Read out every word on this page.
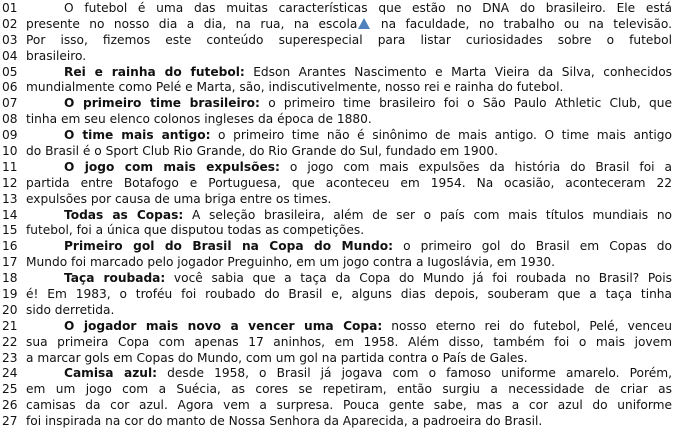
01	O futebol é uma das muitas características que estão no DNA do brasileiro. Ele está
02 presente no nosso dia a dia, na rua, na escola na faculdade, no trabalho ou na televisão.
03 Por isso, fizemos este conteúdo superespecial para listar curiosidades sobre o futebol
04 brasileiro.
05	Rei e rainha do futebol: Edson Arantes Nascimento e Marta Vieira da Silva, conhecidos
06 mundialmente como Pelé e Marta, são, indiscutivelmente, nosso rei e rainha do futebol.
07	O primeiro time brasileiro: o primeiro time brasileiro foi o São Paulo Athletic Club, que
08 tinha em seu elenco colonos ingleses da época de 1880.
09	O time mais antigo: o primeiro time não é sinônimo de mais antigo. O time mais antigo
10 do Brasil é o Sport Club Rio Grande, do Rio Grande do Sul, fundado em 1900.
11	O jogo com mais expulsões: o jogo com mais expulsões da história do Brasil foi a
12 partida entre Botafogo e Portuguesa, que aconteceu em 1954. Na ocasião, aconteceram 22
13 expulsões por causa de uma briga entre os times.
14	Todas as Copas: A seleção brasileira, além de ser o país com mais títulos mundiais no
15 futebol, foi a única que disputou todas as competições.
16	Primeiro gol do Brasil na Copa do Mundo: o primeiro gol do Brasil em Copas do
17 Mundo foi marcado pelo jogador Preguinho, em um jogo contra a Iugoslávia, em 1930.
18	Taça roubada: você sabia que a taça da Copa do Mundo já foi roubada no Brasil? Pois
19 é! Em 1983, o troféu foi roubado do Brasil e, alguns dias depois, souberam que a taça tinha
20 sido derretida.
21	O jogador mais novo a vencer uma Copa: nosso eterno rei do futebol, Pelé, venceu
22 sua primeira Copa com apenas 17 aninhos, em 1958. Além disso, também foi o mais jovem
23 a marcar gols em Copas do Mundo, com um gol na partida contra o País de Gales.
24	Camisa azul: desde 1958, o Brasil já jogava com o famoso uniforme amarelo. Porém,
25 em um jogo com a Suécia, as cores se repetiram, então surgiu a necessidade de criar as
26 camisas da cor azul. Agora vem a surpresa. Pouca gente sabe, mas a cor azul do uniforme
27 foi inspirada na cor do manto de Nossa Senhora da Aparecida, a padroeira do Brasil.
